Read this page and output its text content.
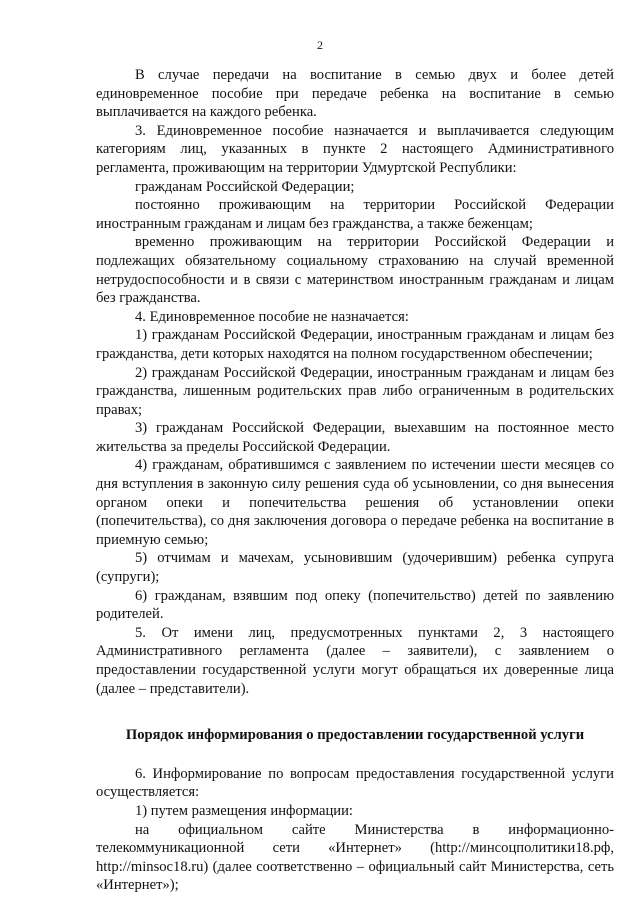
2

В случае передачи на воспитание в семью двух и более детей единовременное пособие при передаче ребенка на воспитание в семью выплачивается на каждого ребенка.

3. Единовременное пособие назначается и выплачивается следующим категориям лиц, указанных в пункте 2 настоящего Административного регламента, проживающим на территории Удмуртской Республики:

гражданам Российской Федерации;

постоянно проживающим на территории Российской Федерации иностранным гражданам и лицам без гражданства, а также беженцам;

временно проживающим на территории Российской Федерации и подлежащих обязательному социальному страхованию на случай временной нетрудоспособности и в связи с материнством иностранным гражданам и лицам без гражданства.

4. Единовременное пособие не назначается:

1) гражданам Российской Федерации, иностранным гражданам и лицам без гражданства, дети которых находятся на полном государственном обеспечении;

2) гражданам Российской Федерации, иностранным гражданам и лицам без гражданства, лишенным родительских прав либо ограниченным в родительских правах;

3) гражданам Российской Федерации, выехавшим на постоянное место жительства за пределы Российской Федерации.

4) гражданам, обратившимся с заявлением по истечении шести месяцев со дня вступления в законную силу решения суда об усыновлении, со дня вынесения органом опеки и попечительства решения об установлении опеки (попечительства), со дня заключения договора о передаче ребенка на воспитание в приемную семью;

5) отчимам и мачехам, усыновившим (удочерившим) ребенка супруга (супруги);

6) гражданам, взявшим под опеку (попечительство) детей по заявлению родителей.

5. От имени лиц, предусмотренных пунктами 2, 3 настоящего Административного регламента (далее – заявители), с заявлением о предоставлении государственной услуги могут обращаться их доверенные лица (далее – представители).

Порядок информирования о предоставлении государственной услуги

6. Информирование по вопросам предоставления государственной услуги осуществляется:

1) путем размещения информации:

на официальном сайте Министерства в информационно-телекоммуникационной сети «Интернет» (http://минсоцполитики18.рф, http://minsoc18.ru) (далее соответственно – официальный сайт Министерства, сеть «Интернет»);
